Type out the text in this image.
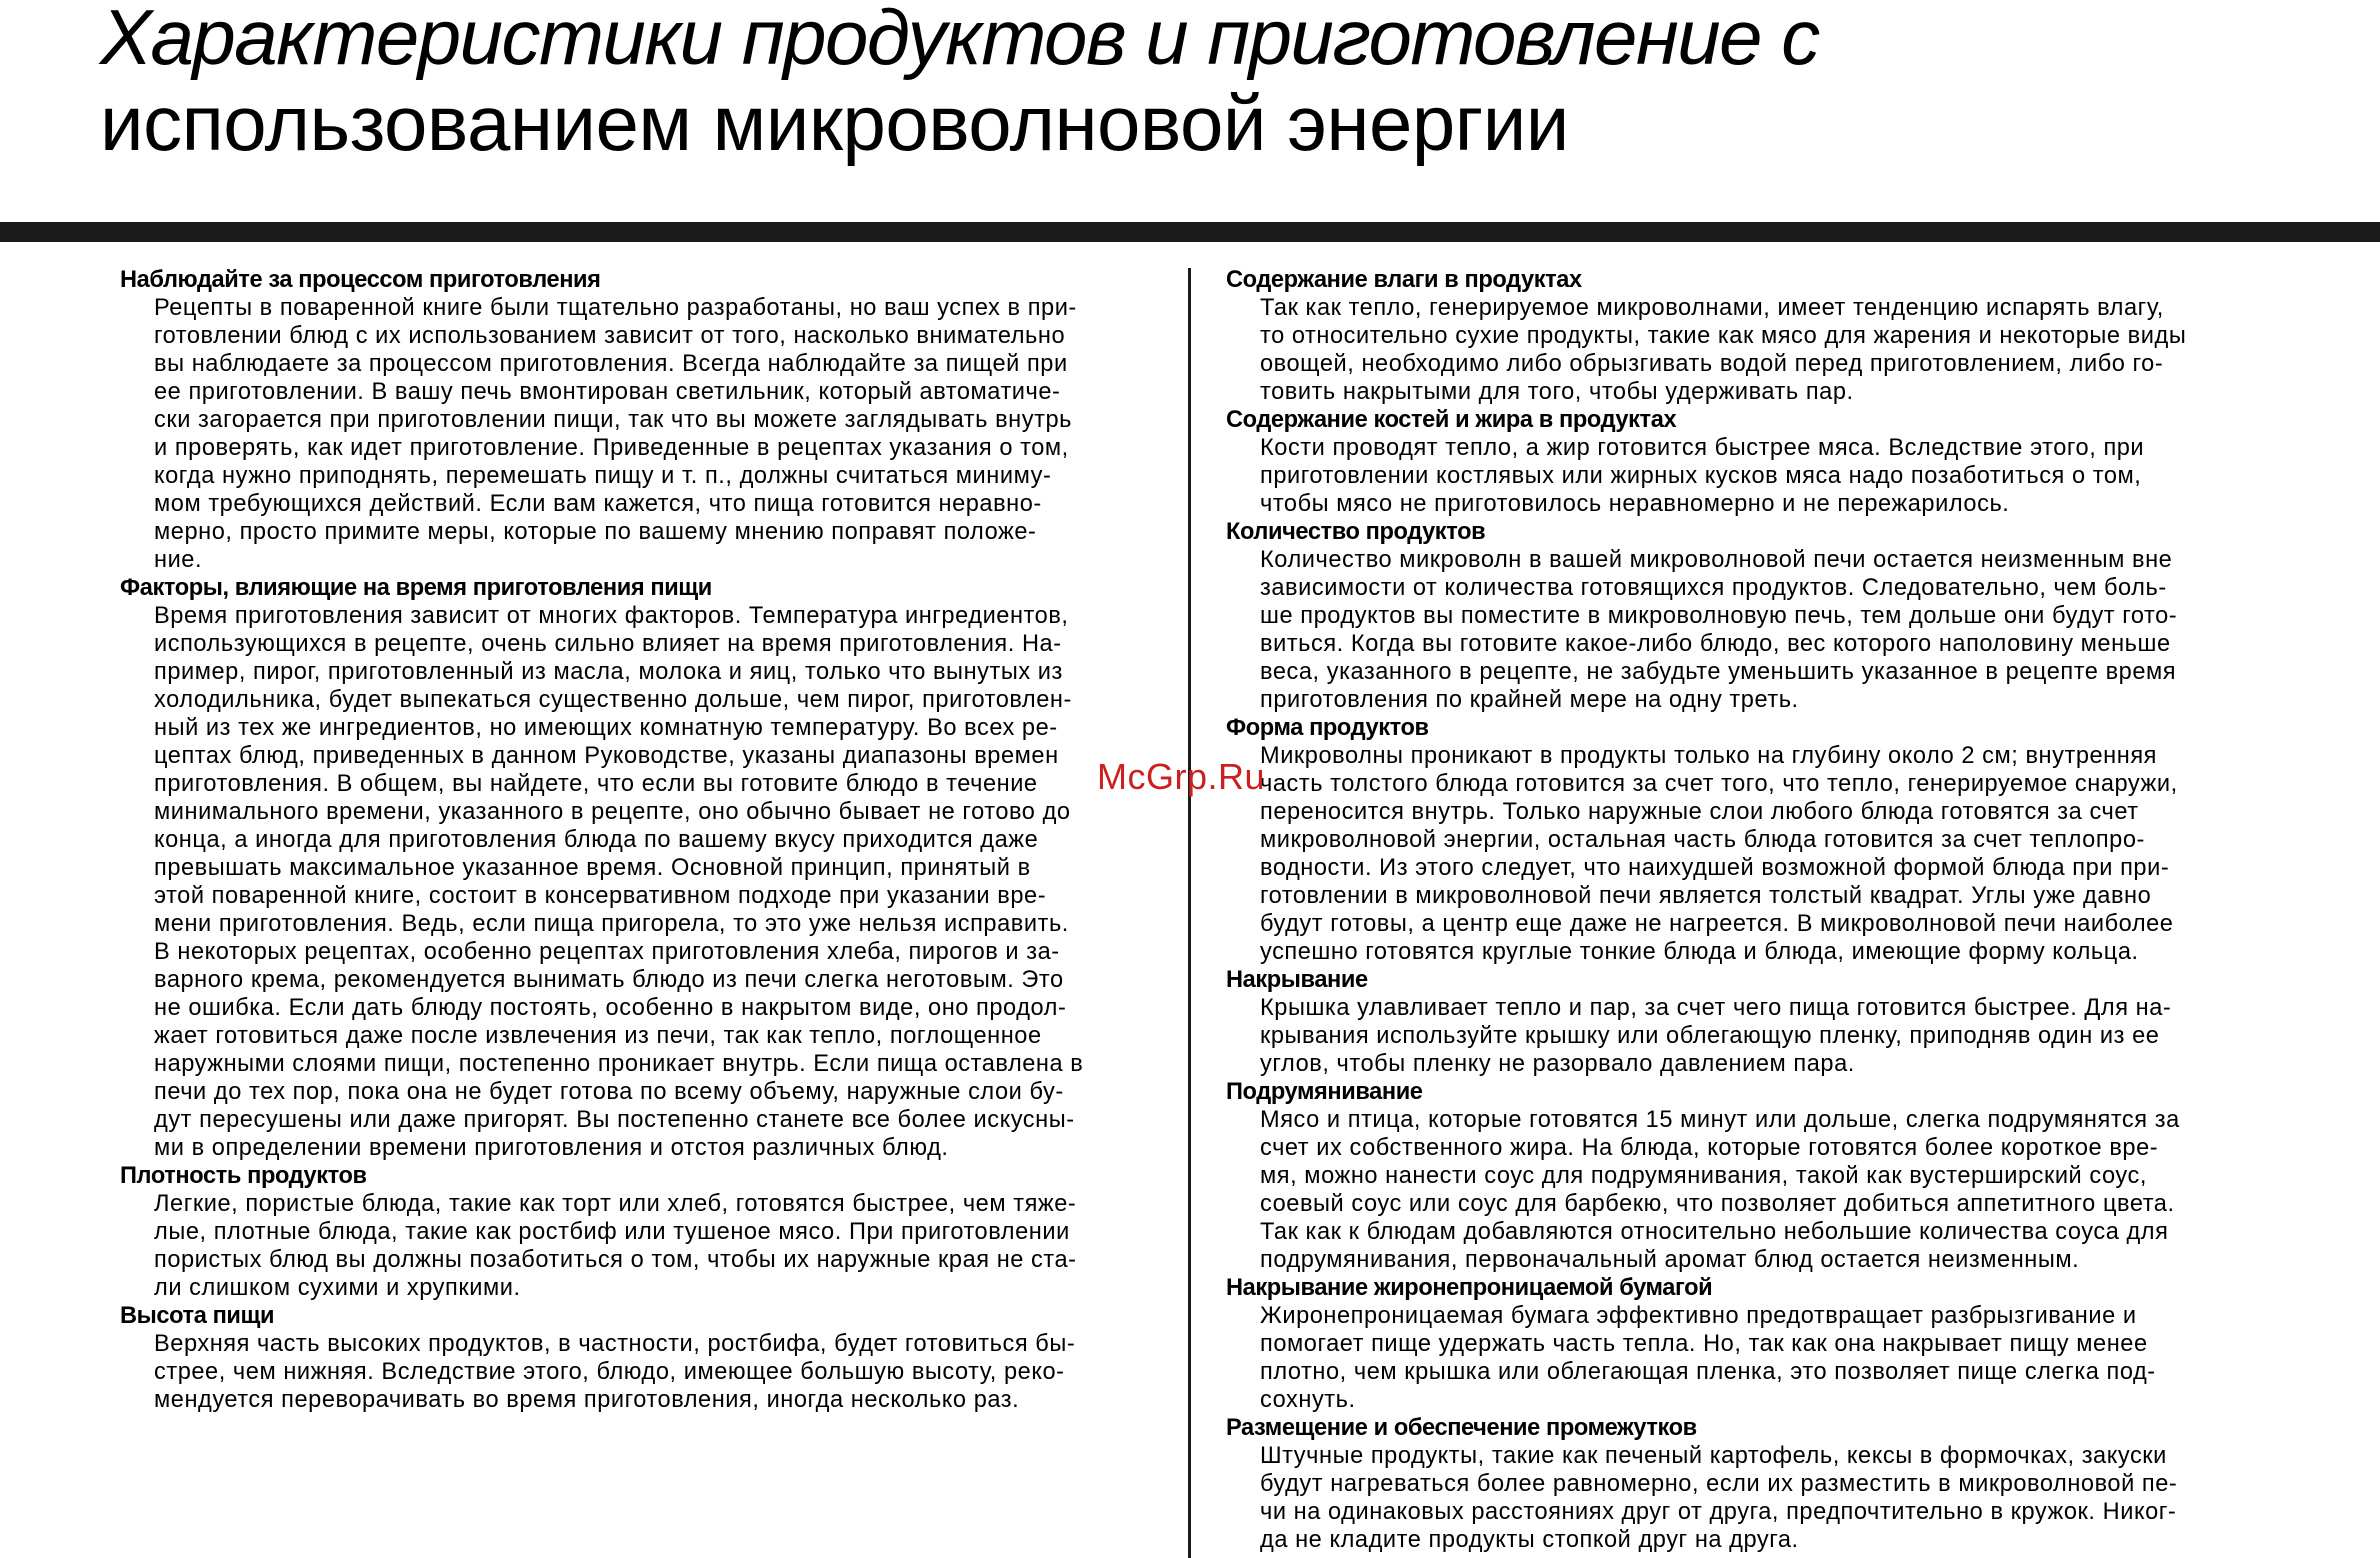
Характеристики продуктов и приготовление с
использованием микроволновой энергии
Наблюдайте за процессом приготовления
Рецепты в поваренной книге были тщательно разработаны, но ваш успех в при-
готовлении блюд с их использованием зависит от того, насколько внимательно
вы наблюдаете за процессом приготовления. Всегда наблюдайте за пищей при
ее приготовлении. В вашу печь вмонтирован светильник, который автоматиче-
ски загорается при приготовлении пищи, так что вы можете заглядывать внутрь
и проверять, как идет приготовление. Приведенные в рецептах указания о том,
когда нужно приподнять, перемешать пищу и т. п., должны считаться миниму-
мом требующихся действий. Если вам кажется, что пища готовится неравно-
мерно, просто примите меры, которые по вашему мнению поправят положе-
ние.
Факторы, влияющие на время приготовления пищи
Время приготовления зависит от многих факторов. Температура ингредиентов,
использующихся в рецепте, очень сильно влияет на время приготовления. На-
пример, пирог, приготовленный из масла, молока и яиц, только что вынутых из
холодильника, будет выпекаться существенно дольше, чем пирог, приготовлен-
ный из тех же ингредиентов, но имеющих комнатную температуру. Во всех ре-
цептах блюд, приведенных в данном Руководстве, указаны диапазоны времен
приготовления. В общем, вы найдете, что если вы готовите блюдо в течение
минимального времени, указанного в рецепте, оно обычно бывает не готово до
конца, а иногда для приготовления блюда по вашему вкусу приходится даже
превышать максимальное указанное время. Основной принцип, принятый в
этой поваренной книге, состоит в консервативном подходе при указании вре-
мени приготовления. Ведь, если пища пригорела, то это уже нельзя исправить.
В некоторых рецептах, особенно рецептах приготовления хлеба, пирогов и за-
варного крема, рекомендуется вынимать блюдо из печи слегка неготовым. Это
не ошибка. Если дать блюду постоять, особенно в накрытом виде, оно продол-
жает готовиться даже после извлечения из печи, так как тепло, поглощенное
наружными слоями пищи, постепенно проникает внутрь. Если пища оставлена в
печи до тех пор, пока она не будет готова по всему объему, наружные слои бу-
дут пересушены или даже пригорят. Вы постепенно станете все более искусны-
ми в определении времени приготовления и отстоя различных блюд.
Плотность продуктов
Легкие, пористые блюда, такие как торт или хлеб, готовятся быстрее, чем тяже-
лые, плотные блюда, такие как ростбиф или тушеное мясо. При приготовлении
пористых блюд вы должны позаботиться о том, чтобы их наружные края не ста-
ли слишком сухими и хрупкими.
Высота пищи
Верхняя часть высоких продуктов, в частности, ростбифа, будет готовиться бы-
стрее, чем нижняя. Вследствие этого, блюдо, имеющее большую высоту, реко-
мендуется переворачивать во время приготовления, иногда несколько раз.
Содержание влаги в продуктах
Так как тепло, генерируемое микроволнами, имеет тенденцию испарять влагу,
то относительно сухие продукты, такие как мясо для жарения и некоторые виды
овощей, необходимо либо обрызгивать водой перед приготовлением, либо го-
товить накрытыми для того, чтобы удерживать пар.
Содержание костей и жира в продуктах
Кости проводят тепло, а жир готовится быстрее мяса. Вследствие этого, при
приготовлении костлявых или жирных кусков мяса надо позаботиться о том,
чтобы мясо не приготовилось неравномерно и не пережарилось.
Количество продуктов
Количество микроволн в вашей микроволновой печи остается неизменным вне
зависимости от количества готовящихся продуктов. Следовательно, чем боль-
ше продуктов вы поместите в микроволновую печь, тем дольше они будут гото-
виться. Когда вы готовите какое-либо блюдо, вес которого наполовину меньше
веса, указанного в рецепте, не забудьте уменьшить указанное в рецепте время
приготовления по крайней мере на одну треть.
Форма продуктов
Микроволны проникают в продукты только на глубину около 2 см; внутренняя
часть толстого блюда готовится за счет того, что тепло, генерируемое снаружи,
переносится внутрь. Только наружные слои любого блюда готовятся за счет
микроволновой энергии, остальная часть блюда готовится за счет теплопро-
водности. Из этого следует, что наихудшей возможной формой блюда при при-
готовлении в микроволновой печи является толстый квадрат. Углы уже давно
будут готовы, а центр еще даже не нагреется. В микроволновой печи наиболее
успешно готовятся круглые тонкие блюда и блюда, имеющие форму кольца.
Накрывание
Крышка улавливает тепло и пар, за счет чего пища готовится быстрее. Для на-
крывания используйте крышку или облегающую пленку, приподняв один из ее
углов, чтобы пленку не разорвало давлением пара.
Подрумянивание
Мясо и птица, которые готовятся 15 минут или дольше, слегка подрумянятся за
счет их собственного жира. На блюда, которые готовятся более короткое вре-
мя, можно нанести соус для подрумянивания, такой как вустерширский соус,
соевый соус или соус для барбекю, что позволяет добиться аппетитного цвета.
Так как к блюдам добавляются относительно небольшие количества соуса для
подрумянивания, первоначальный аромат блюд остается неизменным.
Накрывание жиронепроницаемой бумагой
Жиронепроницаемая бумага эффективно предотвращает разбрызгивание и
помогает пище удержать часть тепла. Но, так как она накрывает пищу менее
плотно, чем крышка или облегающая пленка, это позволяет пище слегка под-
сохнуть.
Размещение и обеспечение промежутков
Штучные продукты, такие как печеный картофель, кексы в формочках, закуски
будут нагреваться более равномерно, если их разместить в микроволновой пе-
чи на одинаковых расстояниях друг от друга, предпочтительно в кружок. Никог-
да не кладите продукты стопкой друг на друга.
McGrp.Ru
